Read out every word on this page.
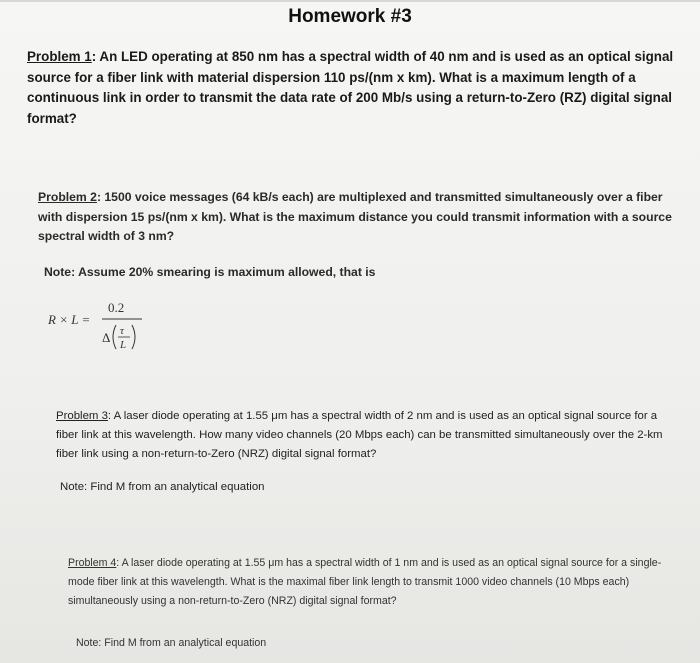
Homework #3
Problem 1: An LED operating at 850 nm has a spectral width of 40 nm and is used as an optical signal source for a fiber link with material dispersion 110 ps/(nm x km). What is a maximum length of a continuous link in order to transmit the data rate of 200 Mb/s using a return-to-Zero (RZ) digital signal format?
Problem 2: 1500 voice messages (64 kB/s each) are multiplexed and transmitted simultaneously over a fiber with dispersion 15 ps/(nm x km). What is the maximum distance you could transmit information with a source spectral width of 3 nm?
Note: Assume 20% smearing is maximum allowed, that is
R × L =
0.2
Δ τ
L
Problem 3: A laser diode operating at 1.55 μm has a spectral width of 2 nm and is used as an optical signal source for a fiber link at this wavelength. How many video channels (20 Mbps each) can be transmitted simultaneously over the 2-km fiber link using a non-return-to-Zero (NRZ) digital signal format?
Note: Find M from an analytical equation
Problem 4: A laser diode operating at 1.55 μm has a spectral width of 1 nm and is used as an optical signal source for a single-mode fiber link at this wavelength. What is the maximal fiber link length to transmit 1000 video channels (10 Mbps each) simultaneously using a non-return-to-Zero (NRZ) digital signal format?
Note: Find M from an analytical equation
